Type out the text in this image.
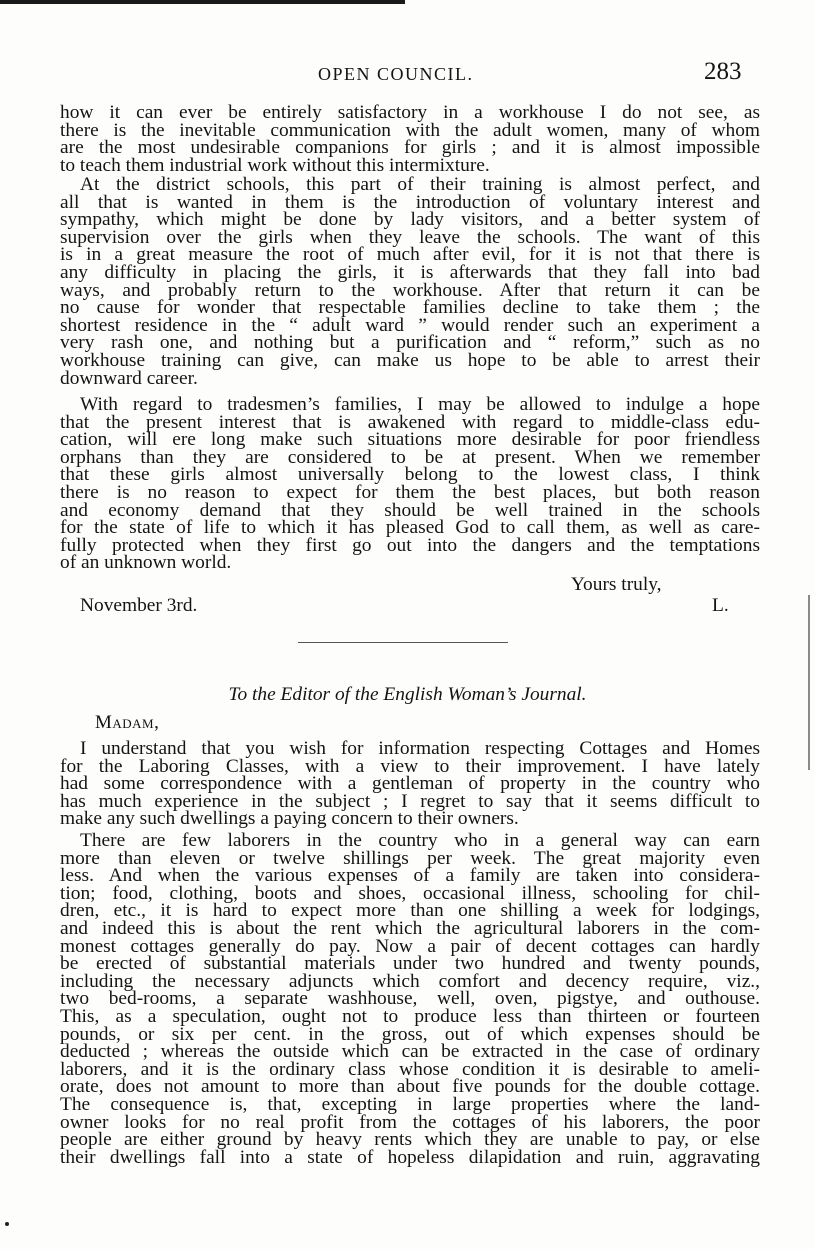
OPEN COUNCIL.	283
how it can ever be entirely satisfactory in a workhouse I do not see, as
there is the inevitable communication with the adult women, many of whom
are the most undesirable companions for girls ; and it is almost impossible
to teach them industrial work without this intermixture.
At the district schools, this part of their training is almost perfect, and
all that is wanted in them is the introduction of voluntary interest and
sympathy, which might be done by lady visitors, and a better system of
supervision over the girls when they leave the schools. The want of this
is in a great measure the root of much after evil, for it is not that there is
any difficulty in placing the girls, it is afterwards that they fall into bad
ways, and probably return to the workhouse. After that return it can be
no cause for wonder that respectable families decline to take them ; the
shortest residence in the “ adult ward ” would render such an experiment a
very rash one, and nothing but a purification and “ reform,” such as no
workhouse training can give, can make us hope to be able to arrest their
downward career.
With regard to tradesmen’s families, I may be allowed to indulge a hope
that the present interest that is awakened with regard to middle-class edu-
cation, will ere long make such situations more desirable for poor friendless
orphans than they are considered to be at present. When we remember
that these girls almost universally belong to the lowest class, I think
there is no reason to expect for them the best places, but both reason
and economy demand that they should be well trained in the schools
for the state of life to which it has pleased God to call them, as well as care-
fully protected when they first go out into the dangers and the temptations
of an unknown world.
Yours truly,
November 3rd.	L.
To the Editor of the English Woman’s Journal.
Madam,
I understand that you wish for information respecting Cottages and Homes
for the Laboring Classes, with a view to their improvement. I have lately
had some correspondence with a gentleman of property in the country who
has much experience in the subject ; I regret to say that it seems difficult to
make any such dwellings a paying concern to their owners.
There are few laborers in the country who in a general way can earn
more than eleven or twelve shillings per week. The great majority even
less. And when the various expenses of a family are taken into considera-
tion; food, clothing, boots and shoes, occasional illness, schooling for chil-
dren, etc., it is hard to expect more than one shilling a week for lodgings,
and indeed this is about the rent which the agricultural laborers in the com-
monest cottages generally do pay. Now a pair of decent cottages can hardly
be erected of substantial materials under two hundred and twenty pounds,
including the necessary adjuncts which comfort and decency require, viz.,
two bed-rooms, a separate washhouse, well, oven, pigstye, and outhouse.
This, as a speculation, ought not to produce less than thirteen or fourteen
pounds, or six per cent. in the gross, out of which expenses should be
deducted ; whereas the outside which can be extracted in the case of ordinary
laborers, and it is the ordinary class whose condition it is desirable to ameli-
orate, does not amount to more than about five pounds for the double cottage.
The consequence is, that, excepting in large properties where the land-
owner looks for no real profit from the cottages of his laborers, the poor
people are either ground by heavy rents which they are unable to pay, or else
their dwellings fall into a state of hopeless dilapidation and ruin, aggravating
